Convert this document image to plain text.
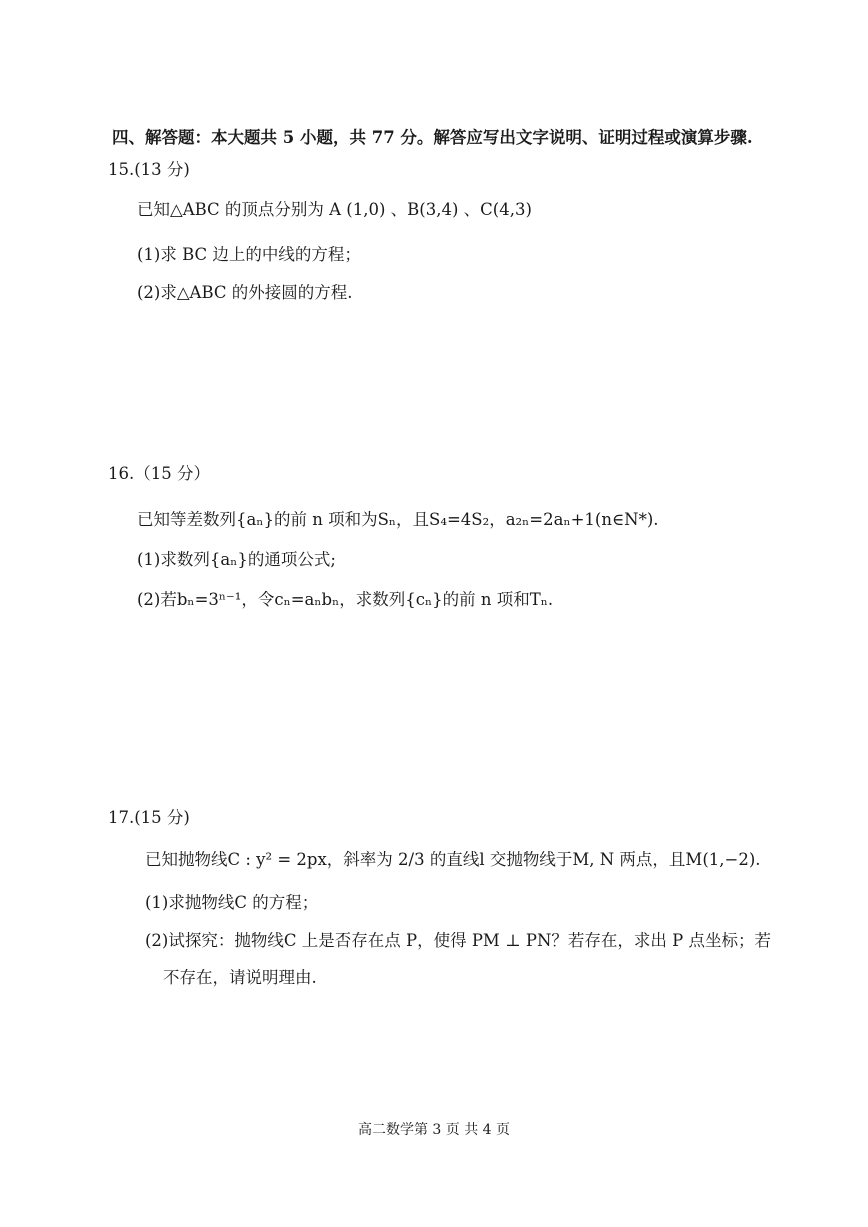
四、解答题：本大题共 5 小题，共 77 分。解答应写出文字说明、证明过程或演算步骤.
15.(13 分)
已知△ABC 的顶点分别为 A (1,0) 、B(3,4) 、C(4,3)
(1)求 BC 边上的中线的方程；
(2)求△ABC 的外接圆的方程.
16.（15 分）
已知等差数列{aₙ}的前 n 项和为Sₙ，且S₄=4S₂，a₂ₙ=2aₙ+1(n∈N*).
(1)求数列{aₙ}的通项公式;
(2)若bₙ=3ⁿ⁻¹，令cₙ=aₙbₙ，求数列{cₙ}的前 n 项和Tₙ.
17.(15 分)
已知抛物线C : y² = 2px，斜率为 2/3 的直线l 交抛物线于M, N 两点，且M(1,−2).
(1)求抛物线C 的方程；
(2)试探究：抛物线C 上是否存在点 P，使得 PM ⊥ PN？若存在，求出 P 点坐标；若
不存在，请说明理由.
高二数学第 3 页 共 4 页
